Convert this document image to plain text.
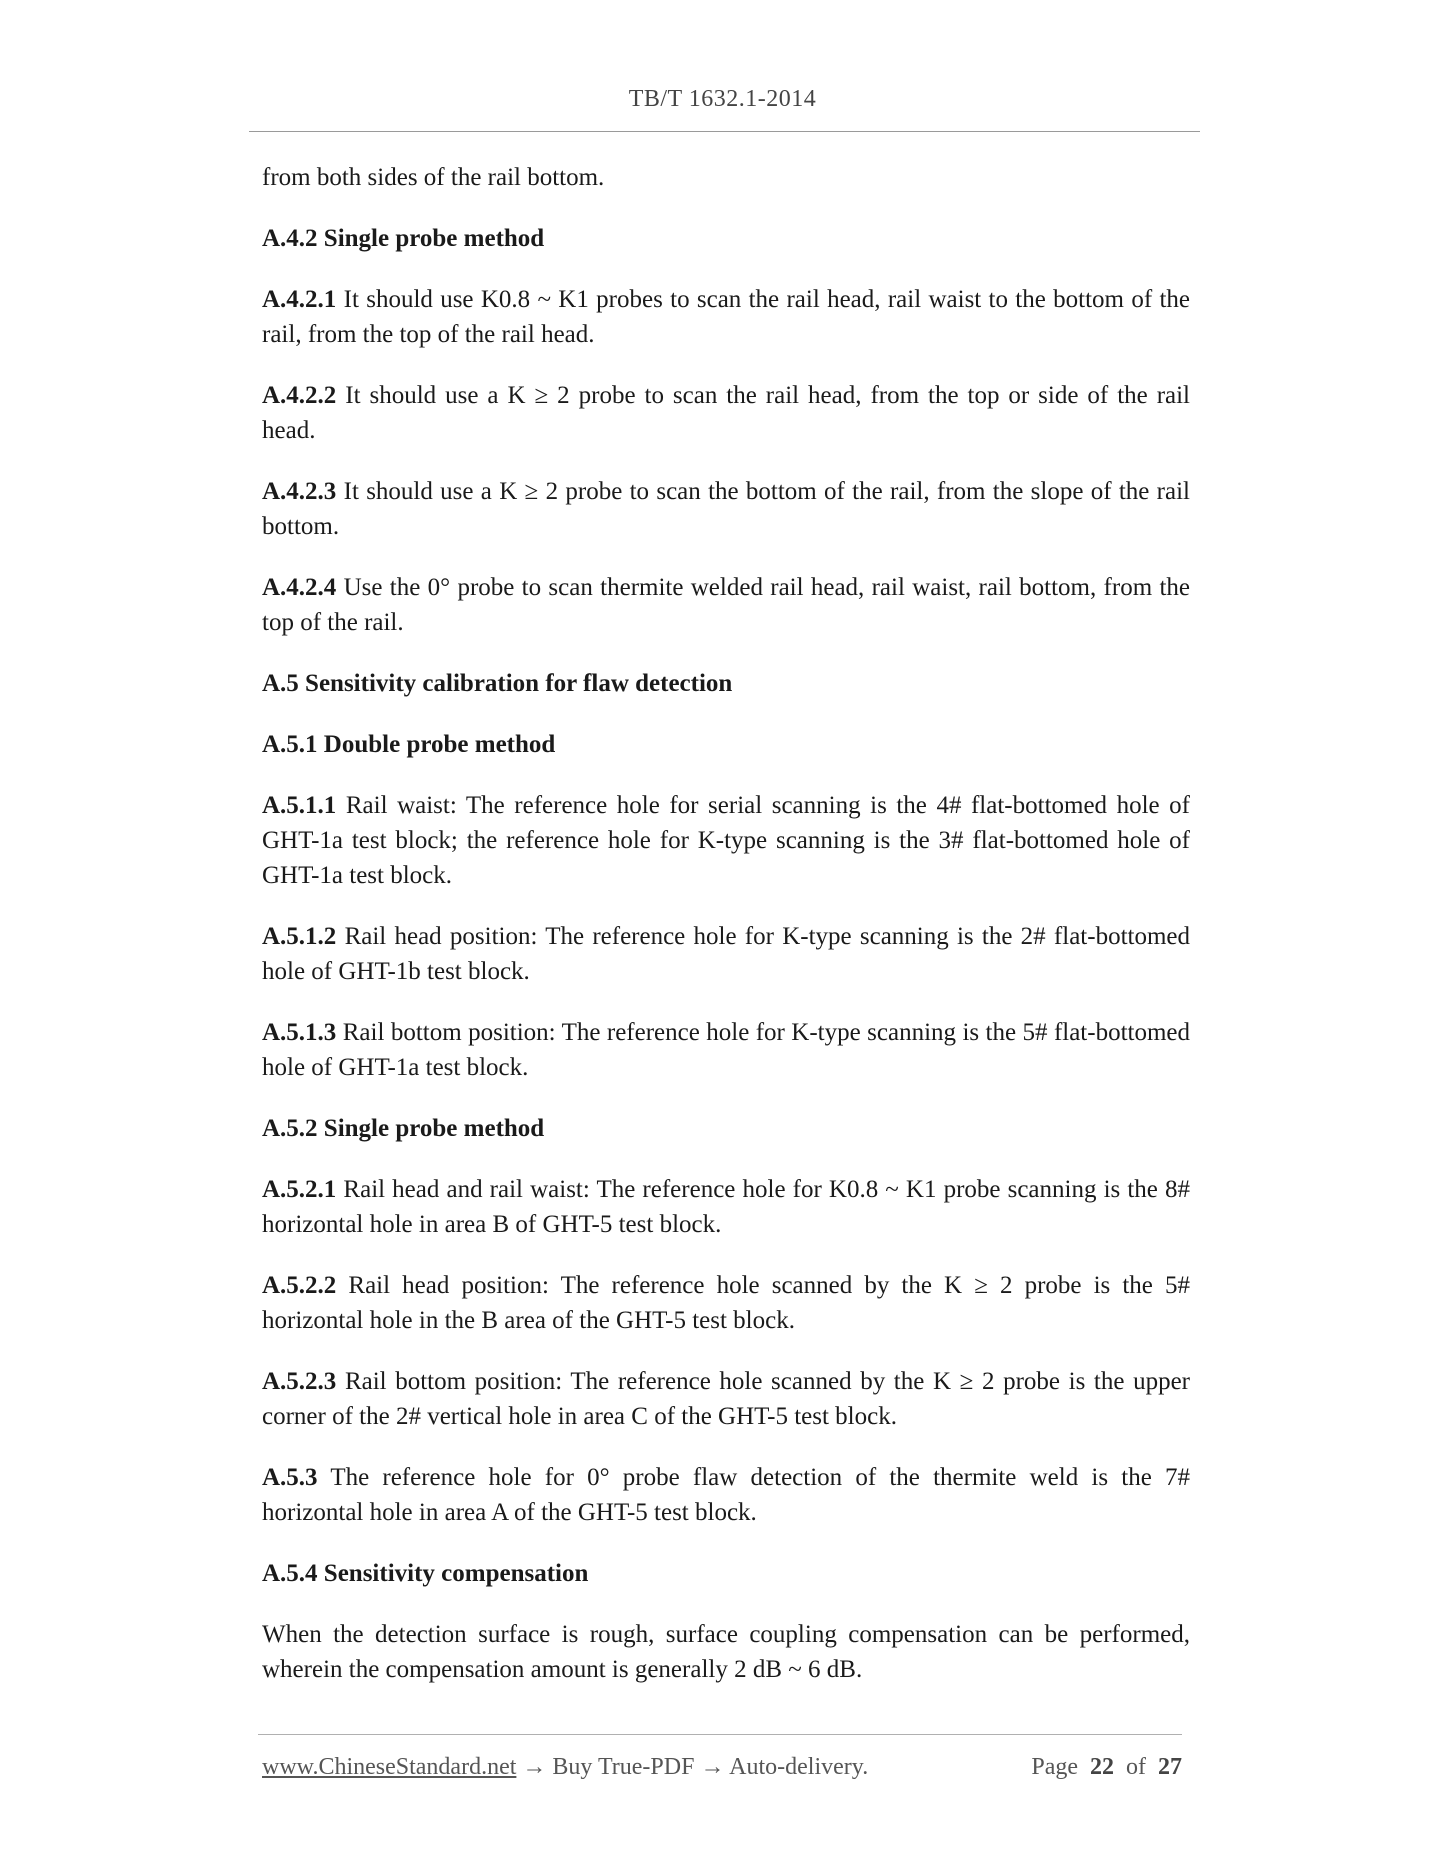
TB/T 1632.1-2014

from both sides of the rail bottom.

A.4.2 Single probe method

A.4.2.1 It should use K0.8 ~ K1 probes to scan the rail head, rail waist to the bottom of the rail, from the top of the rail head.

A.4.2.2 It should use a K ≥ 2 probe to scan the rail head, from the top or side of the rail head.

A.4.2.3 It should use a K ≥ 2 probe to scan the bottom of the rail, from the slope of the rail bottom.

A.4.2.4 Use the 0° probe to scan thermite welded rail head, rail waist, rail bottom, from the top of the rail.

A.5 Sensitivity calibration for flaw detection

A.5.1 Double probe method

A.5.1.1 Rail waist: The reference hole for serial scanning is the 4# flat-bottomed hole of GHT-1a test block; the reference hole for K-type scanning is the 3# flat-bottomed hole of GHT-1a test block.

A.5.1.2 Rail head position: The reference hole for K-type scanning is the 2# flat-bottomed hole of GHT-1b test block.

A.5.1.3 Rail bottom position: The reference hole for K-type scanning is the 5# flat-bottomed hole of GHT-1a test block.

A.5.2 Single probe method

A.5.2.1 Rail head and rail waist: The reference hole for K0.8 ~ K1 probe scanning is the 8# horizontal hole in area B of GHT-5 test block.

A.5.2.2 Rail head position: The reference hole scanned by the K ≥ 2 probe is the 5# horizontal hole in the B area of the GHT-5 test block.

A.5.2.3 Rail bottom position: The reference hole scanned by the K ≥ 2 probe is the upper corner of the 2# vertical hole in area C of the GHT-5 test block.

A.5.3 The reference hole for 0° probe flaw detection of the thermite weld is the 7# horizontal hole in area A of the GHT-5 test block.

A.5.4 Sensitivity compensation

When the detection surface is rough, surface coupling compensation can be performed, wherein the compensation amount is generally 2 dB ~ 6 dB.

www.ChineseStandard.net → Buy True-PDF → Auto-delivery.	Page 22 of 27
